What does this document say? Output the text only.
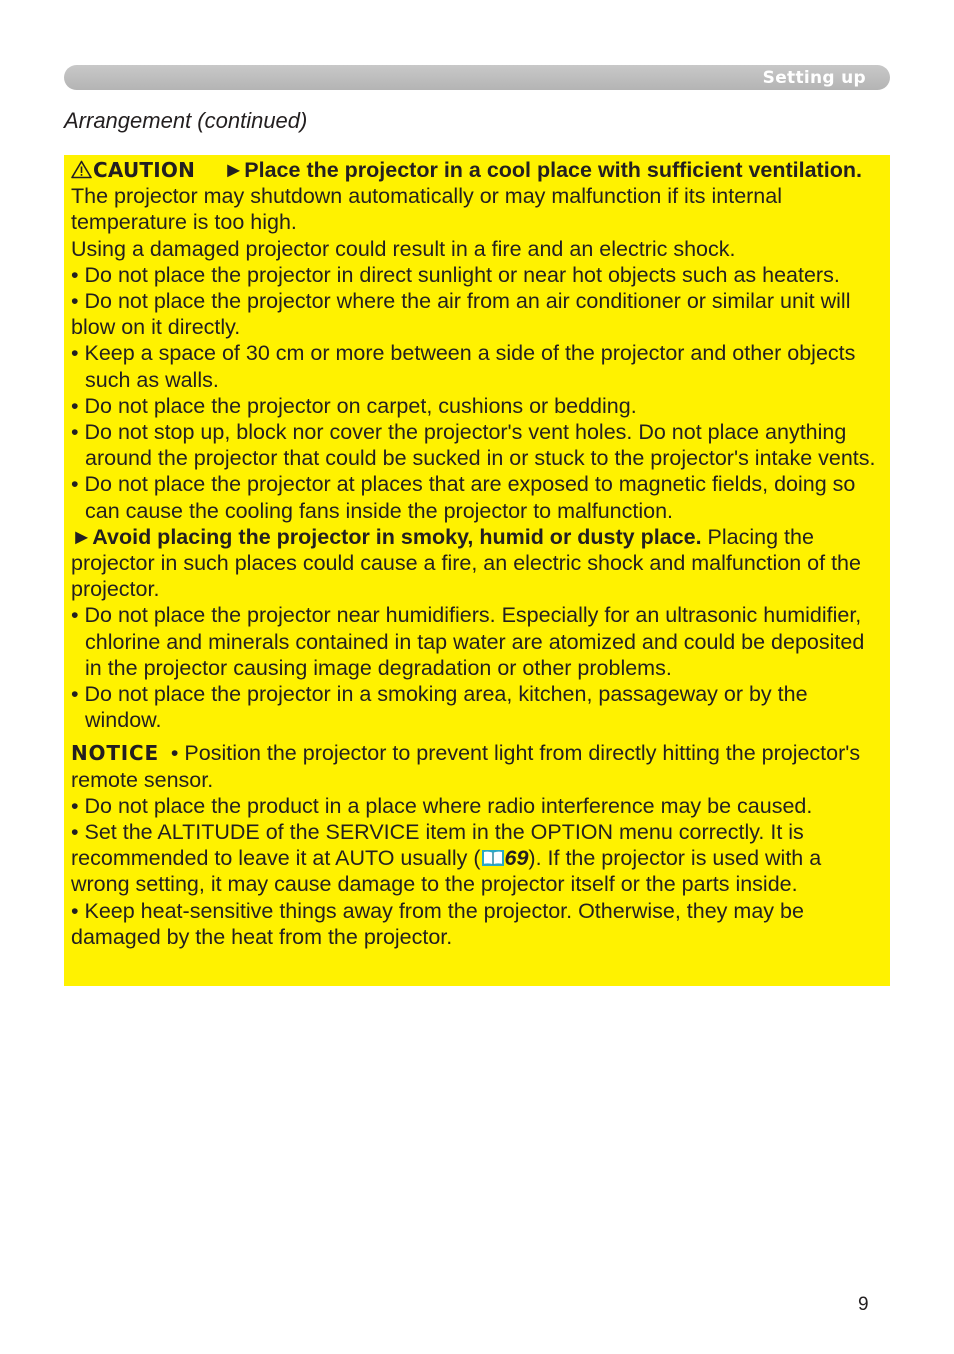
Setting up
Arrangement (continued)

CAUTION ►Place the projector in a cool place with sufficient ventilation. The projector may shutdown automatically or may malfunction if its internal temperature is too high.

Using a damaged projector could result in a fire and an electric shock.

• Do not place the projector in direct sunlight or near hot objects such as heaters.

• Do not place the projector where the air from an air conditioner or similar unit will blow on it directly.

• Keep a space of 30 cm or more between a side of the projector and other objects such as walls.

• Do not place the projector on carpet, cushions or bedding.

• Do not stop up, block nor cover the projector's vent holes. Do not place anything around the projector that could be sucked in or stuck to the projector's intake vents.

• Do not place the projector at places that are exposed to magnetic fields, doing so can cause the cooling fans inside the projector to malfunction.

►Avoid placing the projector in smoky, humid or dusty place. Placing the projector in such places could cause a fire, an electric shock and malfunction of the projector.

• Do not place the projector near humidifiers. Especially for an ultrasonic humidifier, chlorine and minerals contained in tap water are atomized and could be deposited in the projector causing image degradation or other problems.

• Do not place the projector in a smoking area, kitchen, passageway or by the window.

NOTICE  • Position the projector to prevent light from directly hitting the projector's remote sensor.

• Do not place the product in a place where radio interference may be caused.

• Set the ALTITUDE of the SERVICE item in the OPTION menu correctly. It is recommended to leave it at AUTO usually ( 69). If the projector is used with a wrong setting, it may cause damage to the projector itself or the parts inside.

• Keep heat-sensitive things away from the projector. Otherwise, they may be damaged by the heat from the projector.

9
